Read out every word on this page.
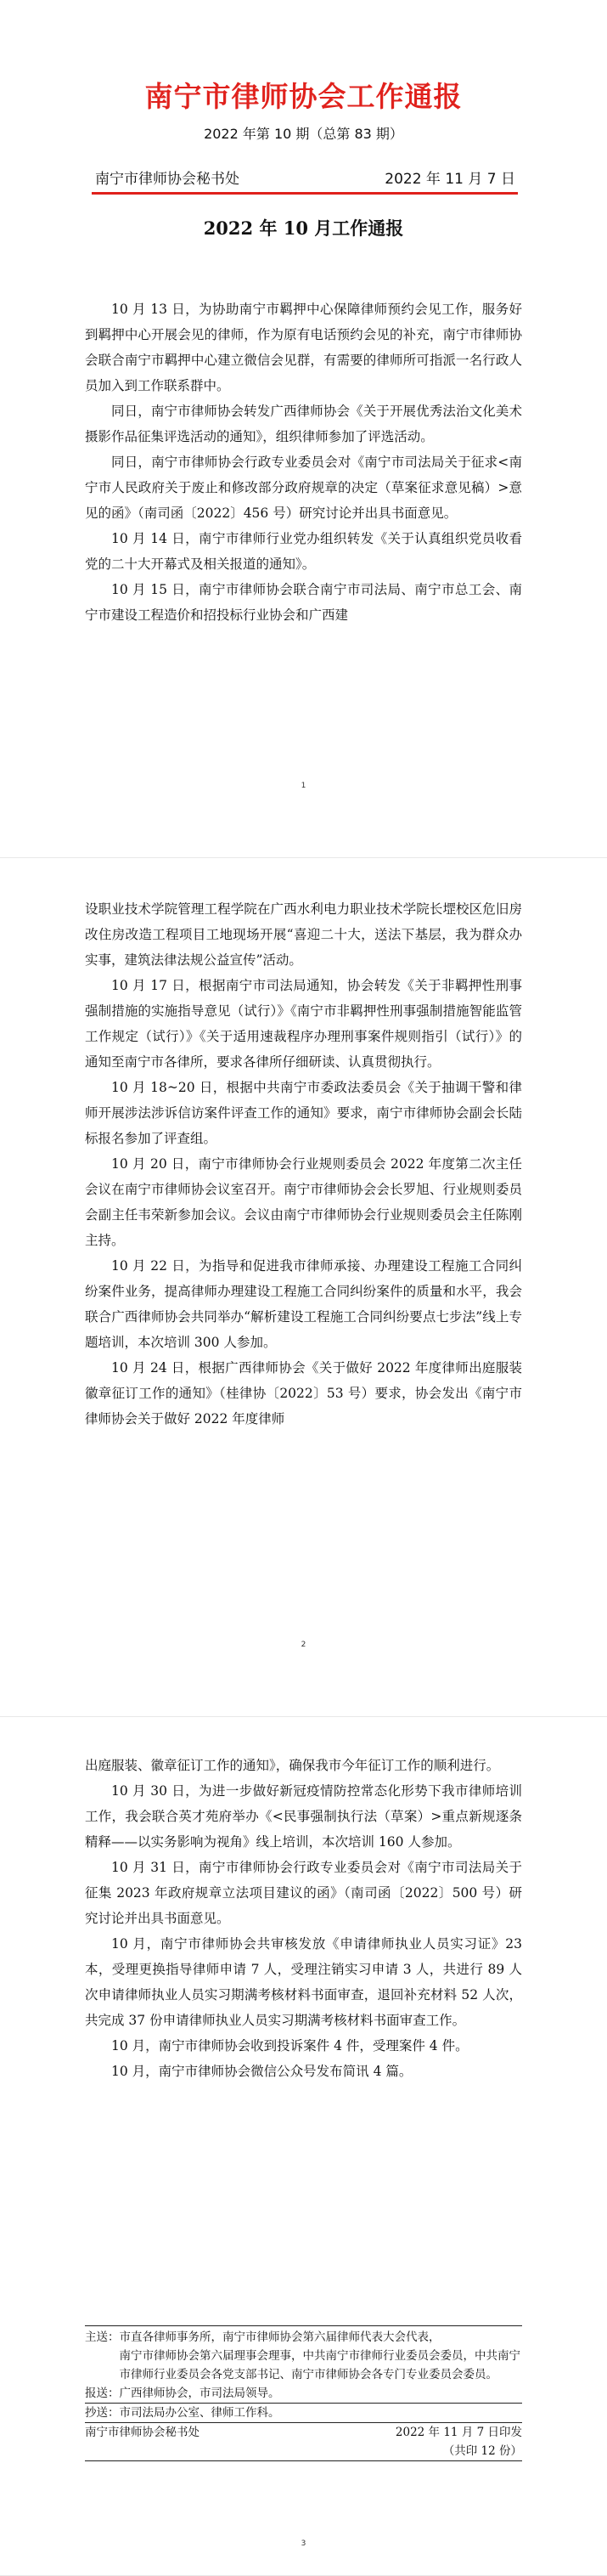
南宁市律师协会工作通报
2022 年第 10 期（总第 83 期）
南宁市律师协会秘书处	2022 年 11 月 7 日
2022 年 10 月工作通报

10 月 13 日，为协助南宁市羁押中心保障律师预约会见工作，服务好到羁押中心开展会见的律师，作为原有电话预约会见的补充，南宁市律师协会联合南宁市羁押中心建立微信会见群，有需要的律师所可指派一名行政人员加入到工作联系群中。

同日，南宁市律师协会转发广西律师协会《关于开展优秀法治文化美术摄影作品征集评选活动的通知》，组织律师参加了评选活动。

同日，南宁市律师协会行政专业委员会对《南宁市司法局关于征求<南宁市人民政府关于废止和修改部分政府规章的决定（草案征求意见稿）>意见的函》（南司函〔2022〕456 号）研究讨论并出具书面意见。

10 月 14 日，南宁市律师行业党办组织转发《关于认真组织党员收看党的二十大开幕式及相关报道的通知》。

10 月 15 日，南宁市律师协会联合南宁市司法局、南宁市总工会、南宁市建设工程造价和招投标行业协会和广西建

1
设职业技术学院管理工程学院在广西水利电力职业技术学院长堽校区危旧房改住房改造工程项目工地现场开展“喜迎二十大，送法下基层，我为群众办实事，建筑法律法规公益宣传”活动。

10 月 17 日，根据南宁市司法局通知，协会转发《关于非羁押性刑事强制措施的实施指导意见（试行）》《南宁市非羁押性刑事强制措施智能监管工作规定（试行）》《关于适用速裁程序办理刑事案件规则指引（试行）》的通知至南宁市各律所，要求各律所仔细研读、认真贯彻执行。

10 月 18~20 日，根据中共南宁市委政法委员会《关于抽调干警和律师开展涉法涉诉信访案件评查工作的通知》要求，南宁市律师协会副会长陆标报名参加了评查组。

10 月 20 日，南宁市律师协会行业规则委员会 2022 年度第二次主任会议在南宁市律师协会议室召开。南宁市律师协会会长罗旭、行业规则委员会副主任韦荣新参加会议。会议由南宁市律师协会行业规则委员会主任陈刚主持。

10 月 22 日，为指导和促进我市律师承接、办理建设工程施工合同纠纷案件业务，提高律师办理建设工程施工合同纠纷案件的质量和水平，我会联合广西律师协会共同举办“解析建设工程施工合同纠纷要点七步法”线上专题培训，本次培训 300 人参加。

10 月 24 日，根据广西律师协会《关于做好 2022 年度律师出庭服装徽章征订工作的通知》（桂律协〔2022〕53 号）要求，协会发出《南宁市律师协会关于做好 2022 年度律师

2
出庭服装、徽章征订工作的通知》，确保我市今年征订工作的顺利进行。

10 月 30 日，为进一步做好新冠疫情防控常态化形势下我市律师培训工作，我会联合英才苑府举办《<民事强制执行法（草案）>重点新规逐条精释——以实务影响为视角》线上培训，本次培训 160 人参加。

10 月 31 日，南宁市律师协会行政专业委员会对《南宁市司法局关于征集 2023 年政府规章立法项目建议的函》（南司函〔2022〕500 号）研究讨论并出具书面意见。

10 月，南宁市律师协会共审核发放《申请律师执业人员实习证》23 本，受理更换指导律师申请 7 人，受理注销实习申请 3 人，共进行 89 人次申请律师执业人员实习期满考核材料书面审查，退回补充材料 52 人次，共完成 37 份申请律师执业人员实习期满考核材料书面审查工作。

10 月，南宁市律师协会收到投诉案件 4 件，受理案件 4 件。

10 月，南宁市律师协会微信公众号发布简讯 4 篇。

主送：市直各律师事务所，南宁市律师协会第六届律师代表大会代表，
南宁市律师协会第六届理事会理事，中共南宁市律师行业委员会委员，中共南宁市律师行业委员会各党支部书记、南宁市律师协会各专门专业委员会委员。
报送：广西律师协会，市司法局领导。
抄送：市司法局办公室、律师工作科。
南宁市律师协会秘书处	2022 年 11 月 7 日印发
（共印 12 份）
3
